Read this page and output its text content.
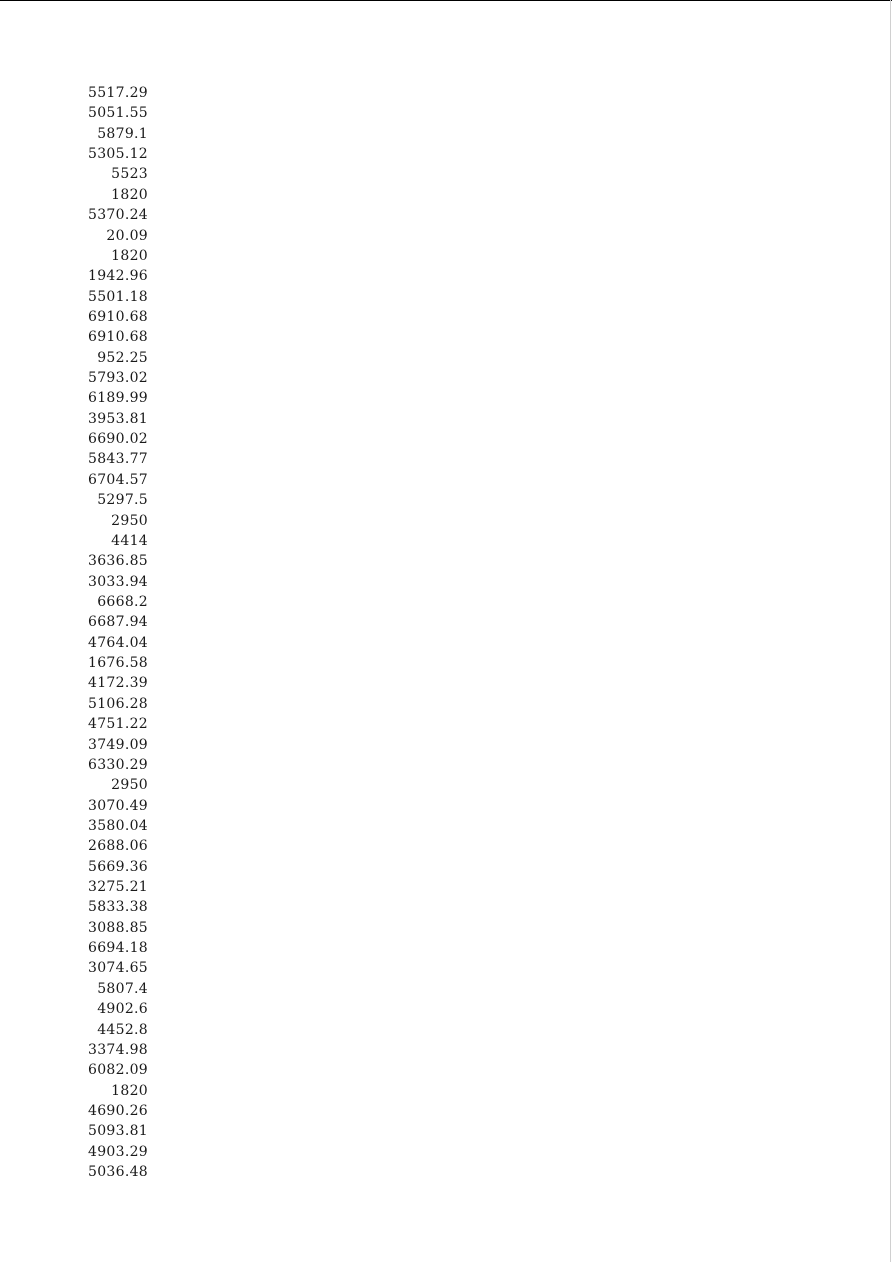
5517.29
5051.55
5879.1
5305.12
5523
1820
5370.24
20.09
1820
1942.96
5501.18
6910.68
6910.68
952.25
5793.02
6189.99
3953.81
6690.02
5843.77
6704.57
5297.5
2950
4414
3636.85
3033.94
6668.2
6687.94
4764.04
1676.58
4172.39
5106.28
4751.22
3749.09
6330.29
2950
3070.49
3580.04
2688.06
5669.36
3275.21
5833.38
3088.85
6694.18
3074.65
5807.4
4902.6
4452.8
3374.98
6082.09
1820
4690.26
5093.81
4903.29
5036.48
